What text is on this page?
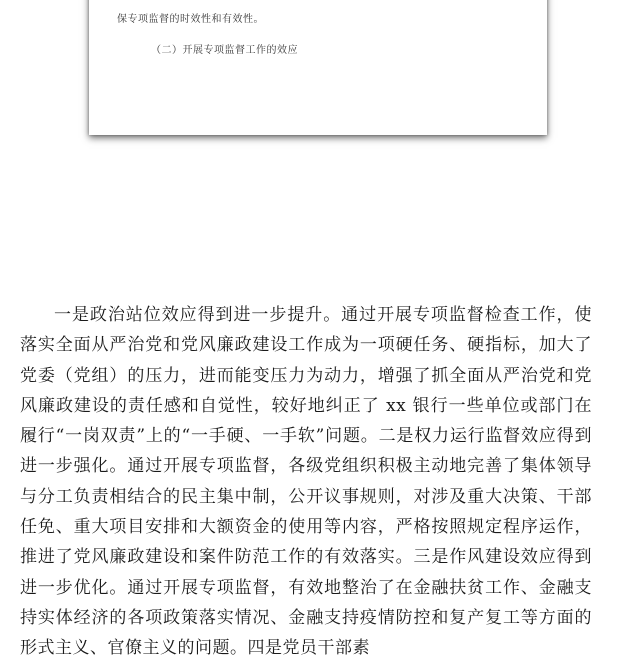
保专项监督的时效性和有效性。
（二）开展专项监督工作的效应

一是政治站位效应得到进一步提升。通过开展专项监督检查工作，使落实全面从严治党和党风廉政建设工作成为一项硬任务、硬指标，加大了党委（党组）的压力，进而能变压力为动力，增强了抓全面从严治党和党风廉政建设的责任感和自觉性，较好地纠正了 xx 银行一些单位或部门在履行“一岗双责”上的“一手硬、一手软”问题。二是权力运行监督效应得到进一步强化。通过开展专项监督，各级党组织积极主动地完善了集体领导与分工负责相结合的民主集中制，公开议事规则，对涉及重大决策、干部任免、重大项目安排和大额资金的使用等内容，严格按照规定程序运作，推进了党风廉政建设和案件防范工作的有效落实。三是作风建设效应得到进一步优化。通过开展专项监督，有效地整治了在金融扶贫工作、金融支持实体经济的各项政策落实情况、金融支持疫情防控和复产复工等方面的形式主义、官僚主义的问题。四是党员干部素
